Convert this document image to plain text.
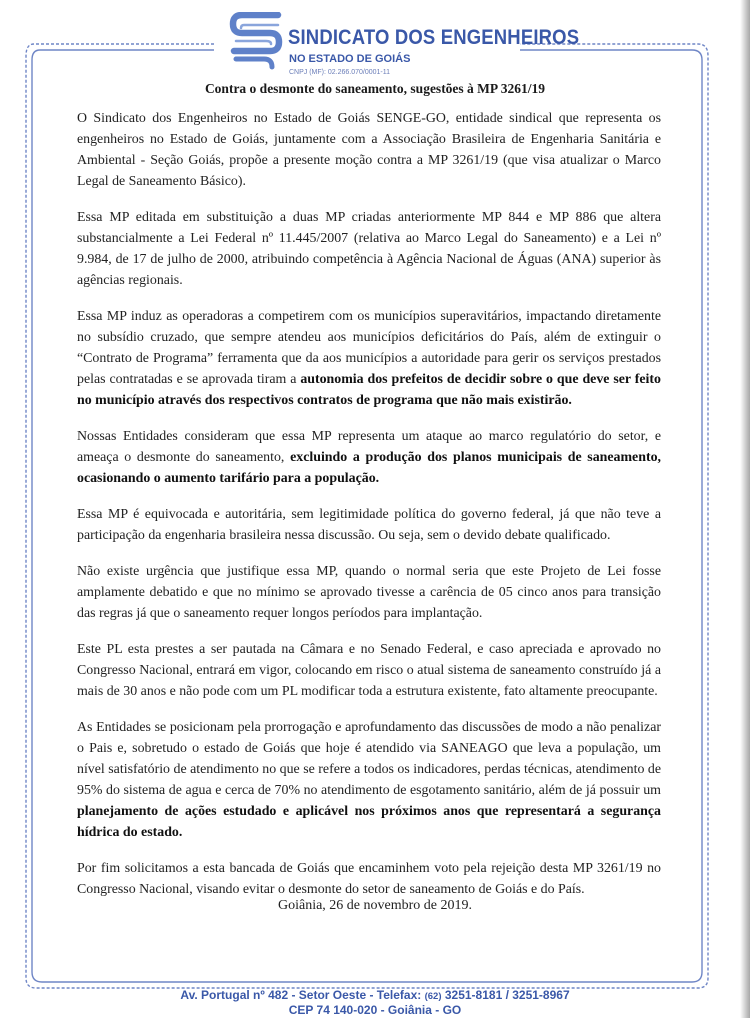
SINDICATO DOS ENGENHEIROS
NO ESTADO DE GOIÁS
CNPJ (MF): 02.266.070/0001-11
Contra o desmonte do saneamento, sugestões à MP 3261/19

O Sindicato dos Engenheiros no Estado de Goiás SENGE-GO, entidade sindical que representa os engenheiros no Estado de Goiás, juntamente com a Associação Brasileira de Engenharia Sanitária e Ambiental - Seção Goiás, propõe a presente moção contra a MP 3261/19 (que visa atualizar o Marco Legal de Saneamento Básico).

Essa MP editada em substituição a duas MP criadas anteriormente MP 844 e MP 886 que altera substancialmente a Lei Federal nº 11.445/2007 (relativa ao Marco Legal do Saneamento) e a Lei nº 9.984, de 17 de julho de 2000, atribuindo competência à Agência Nacional de Águas (ANA) superior às agências regionais.

Essa MP induz as operadoras a competirem com os municípios superavitários, impactando diretamente no subsídio cruzado, que sempre atendeu aos municípios deficitários do País, além de extinguir o “Contrato de Programa” ferramenta que da aos municípios a autoridade para gerir os serviços prestados pelas contratadas e se aprovada tiram a autonomia dos prefeitos de decidir sobre o que deve ser feito no município através dos respectivos contratos de programa que não mais existirão.

Nossas Entidades consideram que essa MP representa um ataque ao marco regulatório do setor, e ameaça o desmonte do saneamento, excluindo a produção dos planos municipais de saneamento, ocasionando o aumento tarifário para a população.

Essa MP é equivocada e autoritária, sem legitimidade política do governo federal, já que não teve a participação da engenharia brasileira nessa discussão. Ou seja, sem o devido debate qualificado.

Não existe urgência que justifique essa MP, quando o normal seria que este Projeto de Lei fosse amplamente debatido e que no mínimo se aprovado tivesse a carência de 05 cinco anos para transição das regras já que o saneamento requer longos períodos para implantação.

Este PL esta prestes a ser pautada na Câmara e no Senado Federal, e caso apreciada e aprovado no Congresso Nacional, entrará em vigor, colocando em risco o atual sistema de saneamento construído já a mais de 30 anos e não pode com um PL modificar toda a estrutura existente, fato altamente preocupante.

As Entidades se posicionam pela prorrogação e aprofundamento das discussões de modo a não penalizar o Pais e, sobretudo o estado de Goiás que hoje é atendido via SANEAGO que leva a população, um nível satisfatório de atendimento no que se refere a todos os indicadores, perdas técnicas, atendimento de 95% do sistema de agua e cerca de 70% no atendimento de esgotamento sanitário, além de já possuir um planejamento de ações estudado e aplicável nos próximos anos que representará a segurança hídrica do estado.

Por fim solicitamos a esta bancada de Goiás que encaminhem voto pela rejeição desta MP 3261/19 no Congresso Nacional, visando evitar o desmonte do setor de saneamento de Goiás e do País.

Goiânia, 26 de novembro de 2019.
Av. Portugal nº 482 - Setor Oeste - Telefax: (62) 3251-8181 / 3251-8967
CEP 74 140-020 - Goiânia - GO
